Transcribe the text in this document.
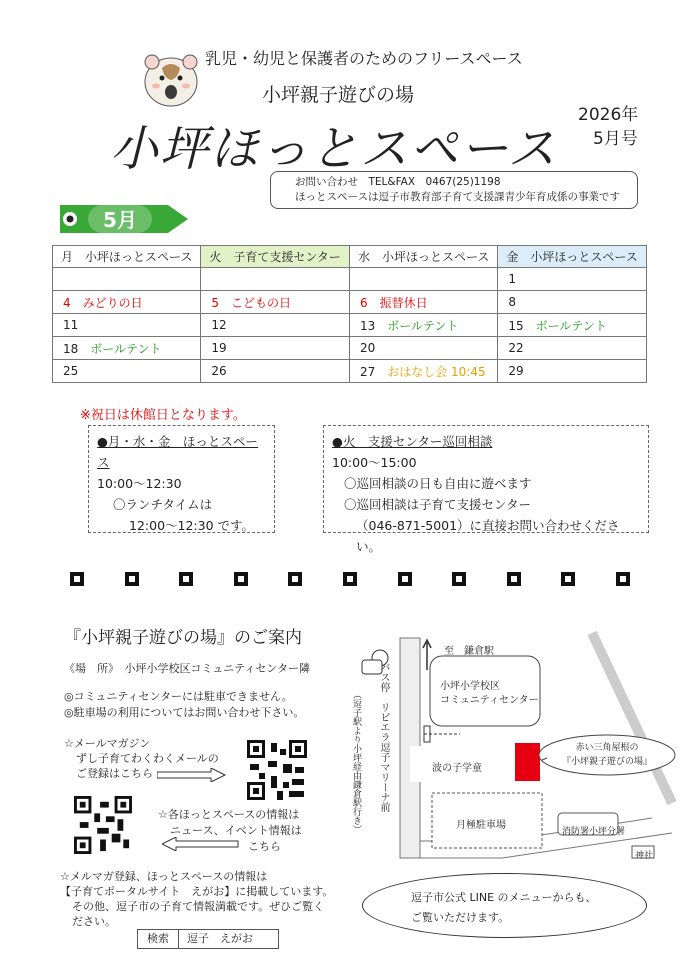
乳児・幼児と保護者のためのフリースペース
小坪親子遊びの場
小坪ほっとスペース
2026年
5月号
お問い合わせ　TEL&FAX　0467(25)1198
ほっとスペースは逗子市教育部子育て支援課青少年育成係の事業です
5月
月　小坪ほっとスペース	火　子育て支援センター	水　小坪ほっとスペース	金　小坪ほっとスペース
			1
4　みどりの日	5　こどもの日	6　振替休日	8
11	12	13 ボールテント	15 ボールテント
18 ボールテント	19	20	22
25	26	27 おはなし会 10:45	29
※祝日は休館日となります。
●月・水・金　ほっとスペース
10:00～12:30
〇ランチタイムは
12:00～12:30 です。
●火　支援センター巡回相談
10:00～15:00
〇巡回相談の日も自由に遊べます
〇巡回相談は子育て支援センター
（046-871-5001）に直接お問い合わせください。
『小坪親子遊びの場』のご案内
《場　所》　小坪小学校区コミュニティセンター隣
◎コミュニティセンターには駐車できません。
◎駐車場の利用についてはお問い合わせ下さい。
☆メールマガジン
ずし子育てわくわくメールの
ご登録はこちら
☆各ほっとスペースの情報は
ニュース、イベント情報は
こちら
☆メルマガ登録、ほっとスペースの情報は
【子育てポータルサイト　えがお】に掲載しています。
その他、逗子市の子育て情報満載です。ぜひご覧く
ださい。
検索	逗子　えがお
至　鎌倉駅
バス停　リビエラ逗子マリーナ前
（逗子駅より小坪経由鎌倉駅行き）
小坪小学校区
コミュニティセンター
波の子学童
赤い三角屋根の
『小坪親子遊びの場』
月極駐車場
消防署小坪分署
神社
逗子市公式 LINE のメニューからも、
ご覧いただけます。
